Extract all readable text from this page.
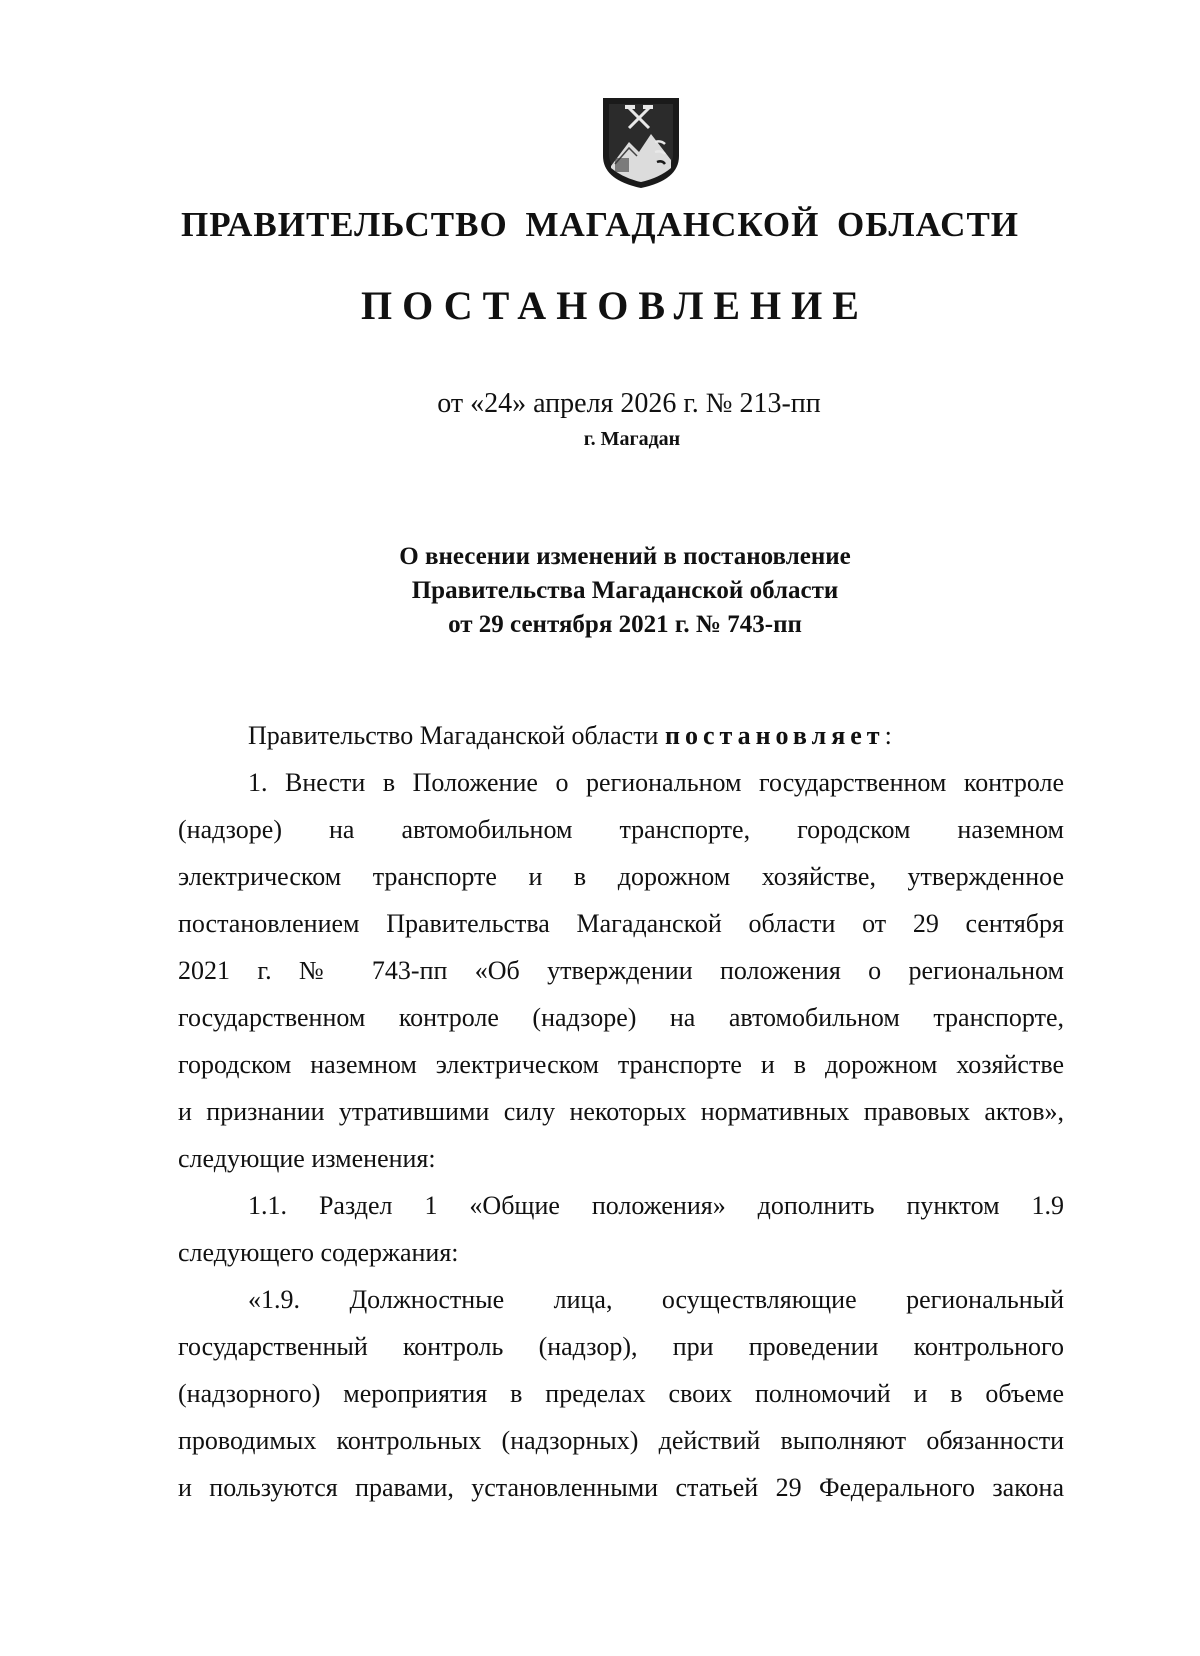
ПРАВИТЕЛЬСТВО МАГАДАНСКОЙ ОБЛАСТИ
ПОСТАНОВЛЕНИЕ
от «24» апреля 2026 г. № 213-пп
г. Магадан
О внесении изменений в постановление
Правительства Магаданской области
от 29 сентября 2021 г. № 743-пп
Правительство Магаданской области постановляет:
1. Внести в Положение о региональном государственном контроле
(надзоре) на автомобильном транспорте, городском наземном
электрическом транспорте и в дорожном хозяйстве, утвержденное
постановлением Правительства Магаданской области от 29 сентября
2021 г. № 743-пп «Об утверждении положения о региональном
государственном контроле (надзоре) на автомобильном транспорте,
городском наземном электрическом транспорте и в дорожном хозяйстве
и признании утратившими силу некоторых нормативных правовых актов»,
следующие изменения:
1.1. Раздел 1 «Общие положения» дополнить пунктом 1.9
следующего содержания:
«1.9. Должностные лица, осуществляющие региональный
государственный контроль (надзор), при проведении контрольного
(надзорного) мероприятия в пределах своих полномочий и в объеме
проводимых контрольных (надзорных) действий выполняют обязанности
и пользуются правами, установленными статьей 29 Федерального закона
